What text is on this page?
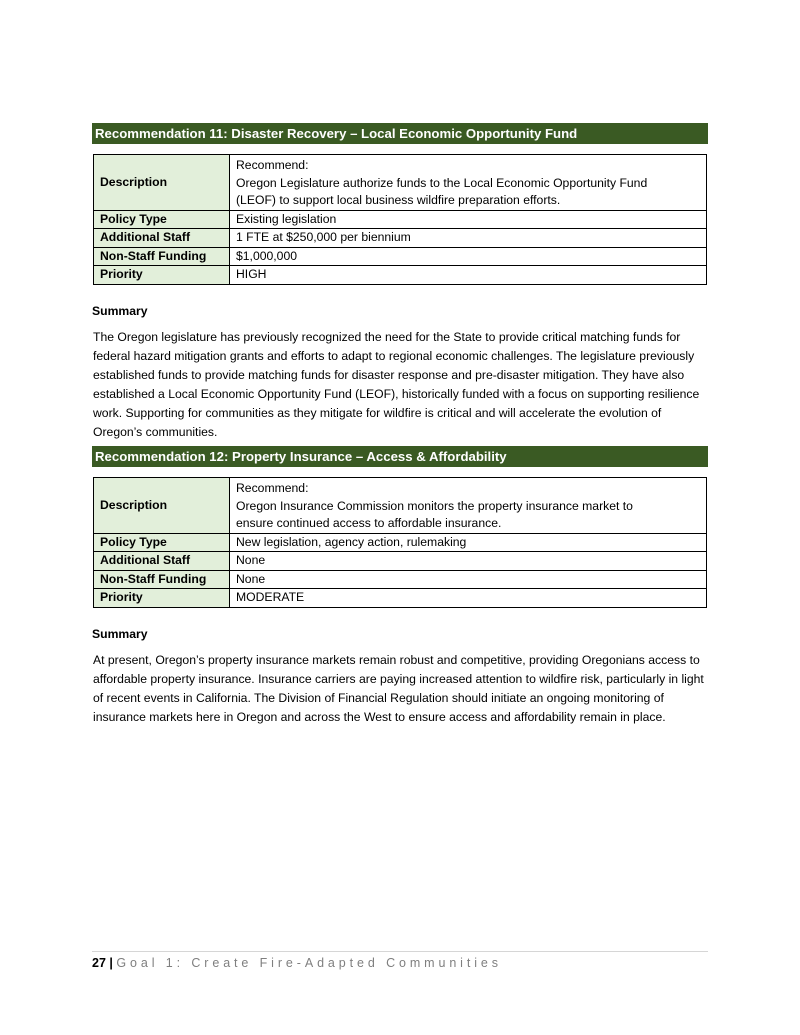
Recommendation 11: Disaster Recovery – Local Economic Opportunity Fund
Description	Recommend:
Oregon Legislature authorize funds to the Local Economic Opportunity Fund
(LEOF) to support local business wildfire preparation efforts.

Policy Type	Existing legislation
Additional Staff	1 FTE at $250,000 per biennium
Non-Staff Funding	$1,000,000
Priority	HIGH
Summary

The Oregon legislature has previously recognized the need for the State to provide critical matching funds for federal hazard mitigation grants and efforts to adapt to regional economic challenges. The legislature previously established funds to provide matching funds for disaster response and pre-disaster mitigation. They have also established a Local Economic Opportunity Fund (LEOF), historically funded with a focus on supporting resilience work. Supporting for communities as they mitigate for wildfire is critical and will accelerate the evolution of Oregon’s communities.

Recommendation 12: Property Insurance – Access & Affordability
Description	Recommend:
Oregon Insurance Commission monitors the property insurance market to
ensure continued access to affordable insurance.

Policy Type	New legislation, agency action, rulemaking
Additional Staff	None
Non-Staff Funding	None
Priority	MODERATE
Summary

At present, Oregon’s property insurance markets remain robust and competitive, providing Oregonians access to affordable property insurance. Insurance carriers are paying increased attention to wildfire risk, particularly in light of recent events in California. The Division of Financial Regulation should initiate an ongoing monitoring of insurance markets here in Oregon and across the West to ensure access and affordability remain in place.

27 | Goal 1: Create Fire-Adapted Communities
